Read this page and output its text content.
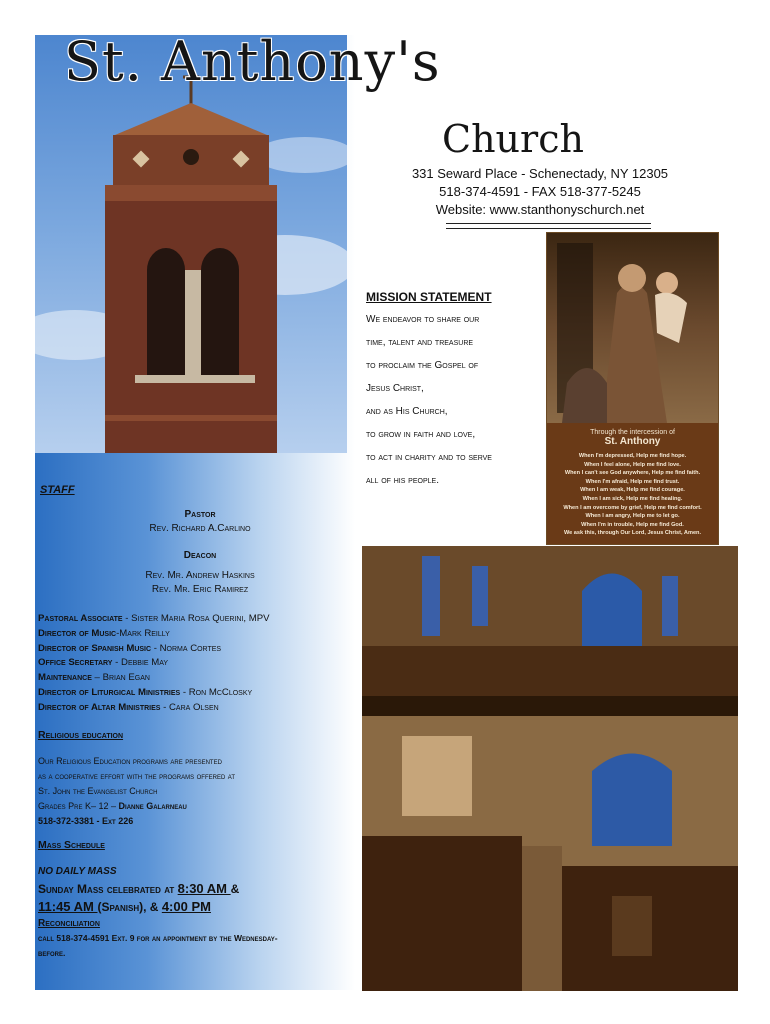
St. Anthony's
Church
331 Seward Place - Schenectady, NY 12305
518-374-4591 - FAX 518-377-5245
Website: www.stanthonyschurch.net
MISSION STATEMENT
We endeavor to share our
time, talent and treasure
to proclaim the Gospel of
Jesus Christ,
and as His Church,
to grow in faith and love,
to act in charity and to serve
all of his people.
Through the intercession of
St. Anthony
When I'm depressed, Help me find hope.
When I feel alone, Help me find love.
When I can't see God anywhere, Help me find faith.
When I'm afraid, Help me find trust.
When I am weak, Help me find courage.
When I am sick, Help me find healing.
When I am overcome by grief, Help me find comfort.
When I am angry, Help me to let go.
When I'm in trouble, Help me find God.
We ask this, through Our Lord, Jesus Christ, Amen.
STAFF
Pastor
Rev. Richard A.Carlino
Deacon
Rev. Mr. Andrew Haskins
Rev. Mr. Eric Ramirez
Pastoral Associate - Sister Maria Rosa Querini, MPV
Director of Music-Mark Reilly
Director of Spanish Music - Norma Cortes
Office Secretary - Debbie May
Maintenance – Brian Egan
Director of Liturgical Ministries - Ron McClosky
Director of Altar Ministries - Cara Olsen
Religious education
Our Religious Education programs are presented
as a cooperative effort with the programs offered at
St. John the Evangelist Church
Grades Pre K– 12 – Dianne Galarneau
518-372-3381 - Ext 226
Mass Schedule
NO DAILY MASS
Sunday Mass celebrated at 8:30 AM &
11:45 AM (Spanish), & 4:00 PM
Reconciliation
call 518-374-4591 Ext. 9 for an appointment by the Wednesday-
before.
